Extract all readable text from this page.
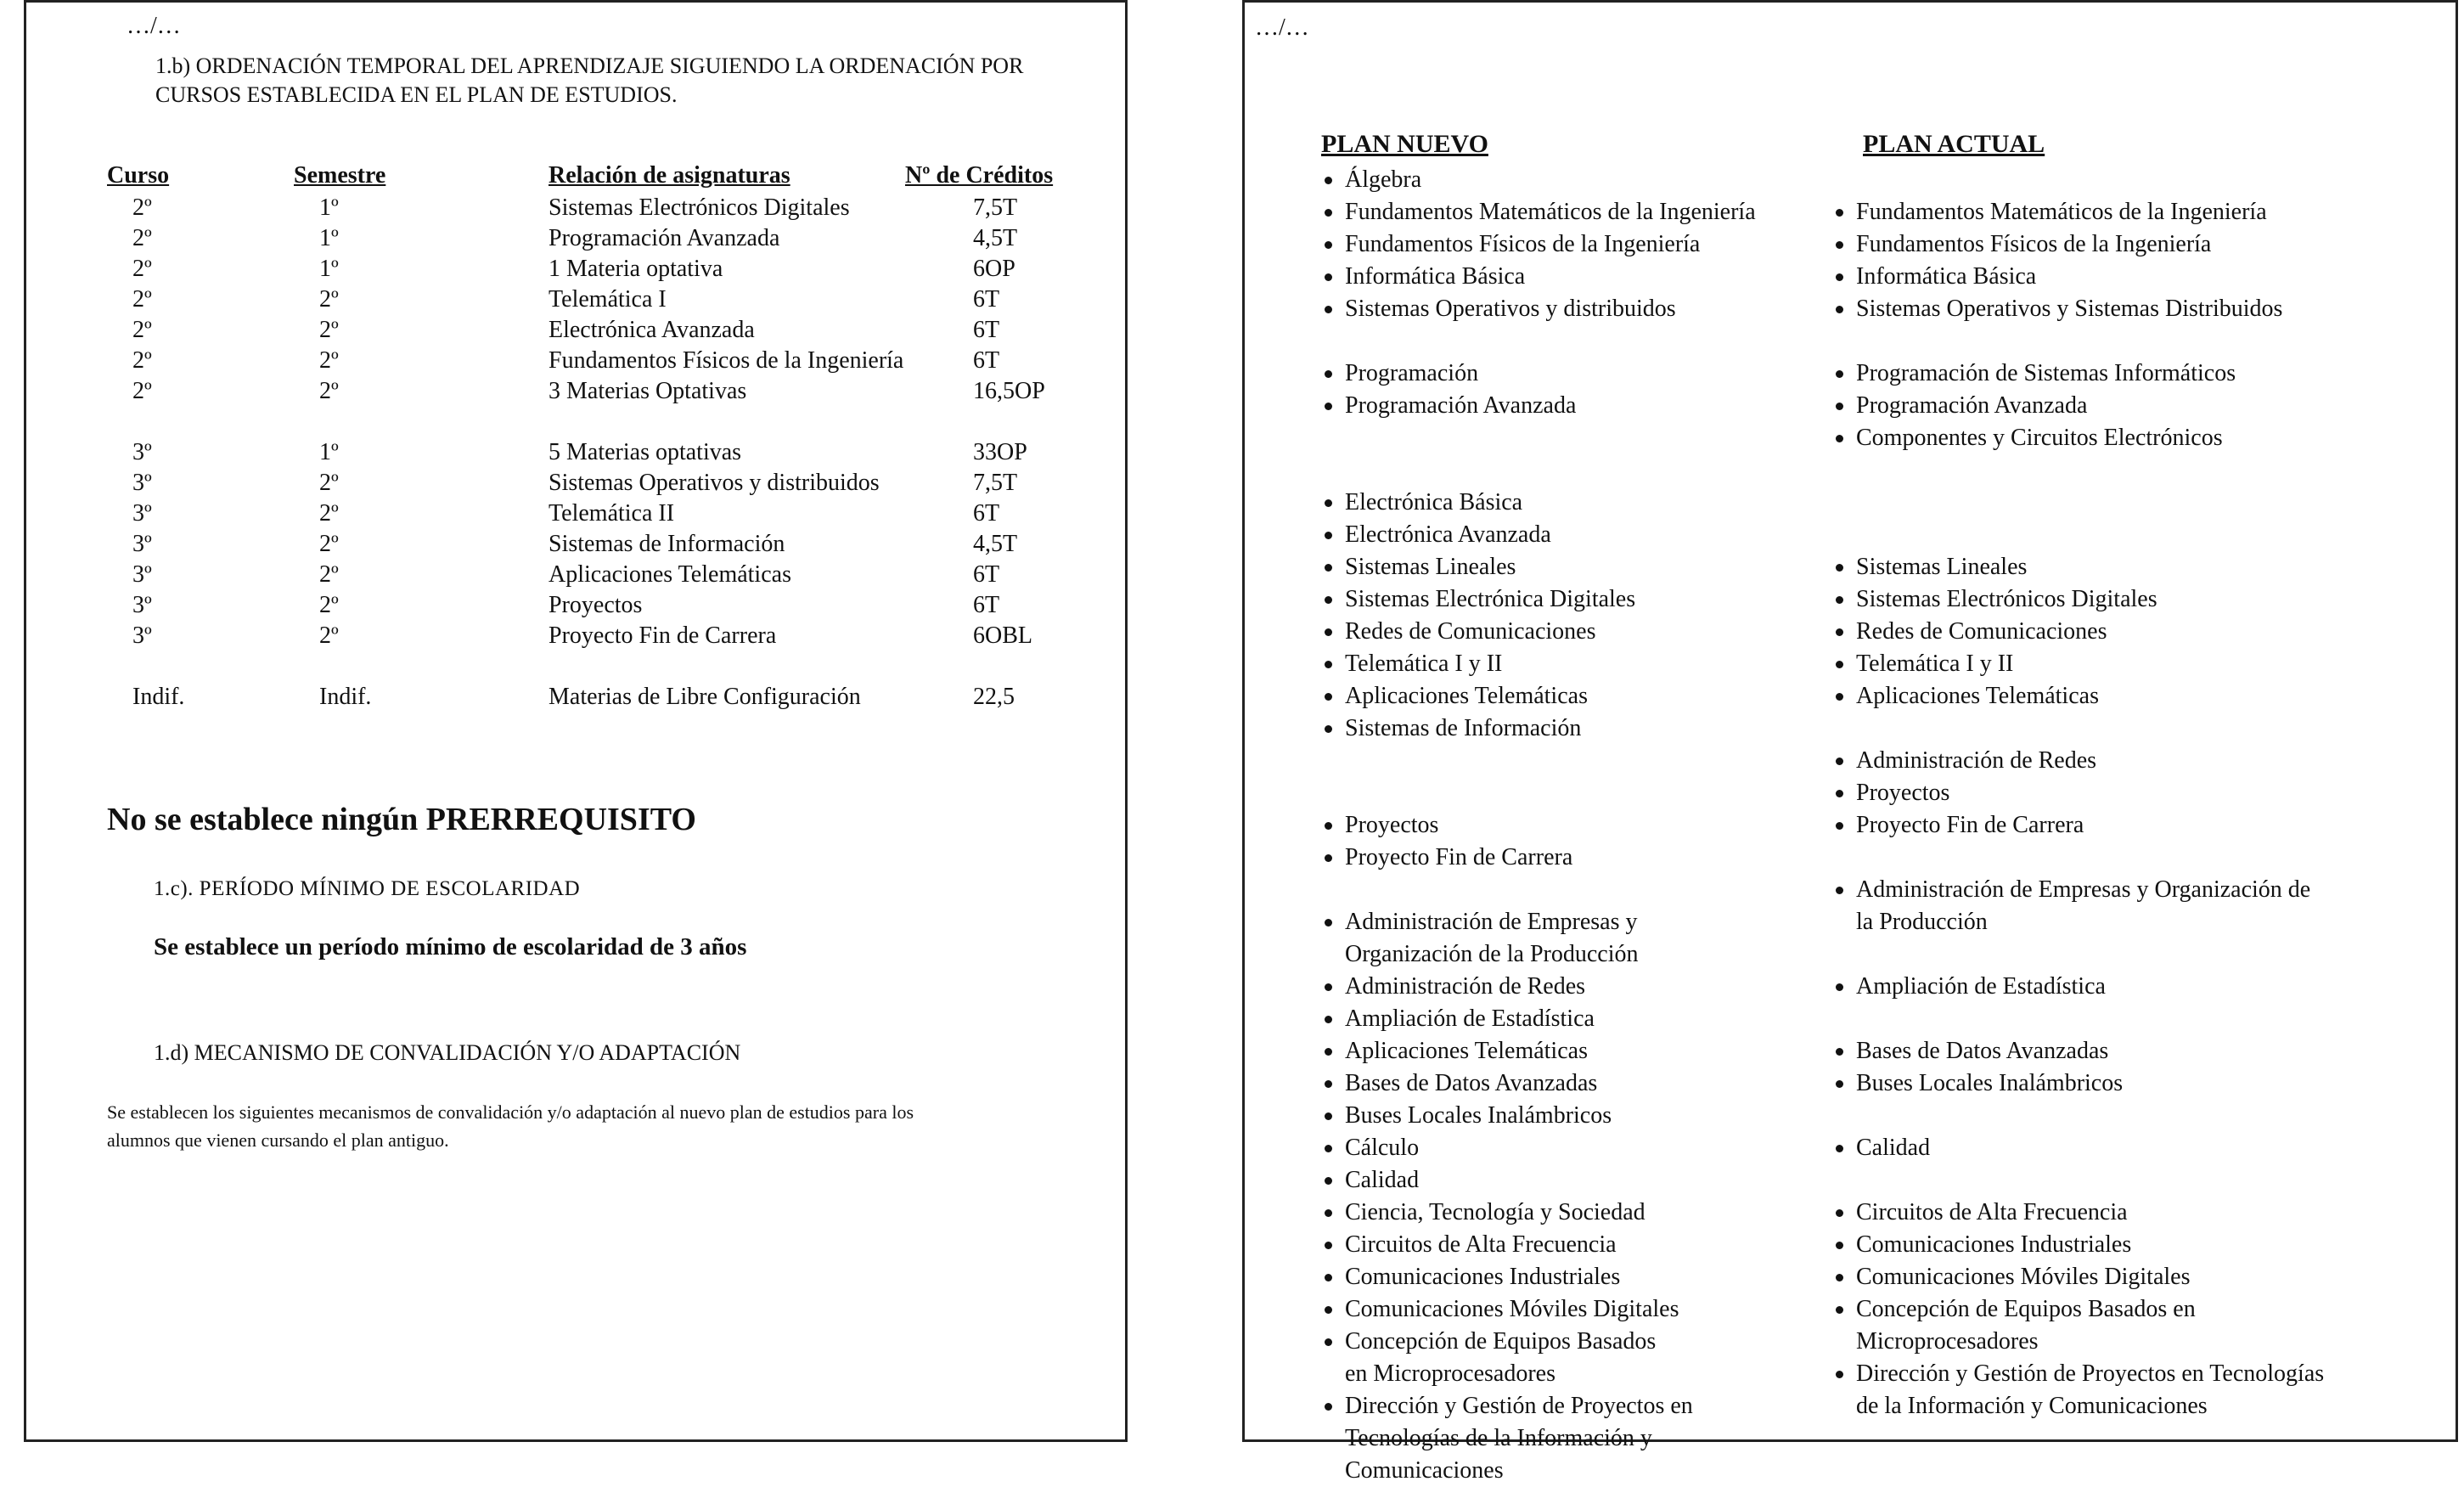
…/…
1.b) ORDENACIÓN TEMPORAL DEL APRENDIZAJE SIGUIENDO LA ORDENACIÓN POR
CURSOS ESTABLECIDA EN EL PLAN DE ESTUDIOS.
Curso	Semestre	Relación de asignaturas	Nº de Créditos
2º	1º	Sistemas Electrónicos Digitales	7,5T
2º	1º	Programación Avanzada	4,5T
2º	1º	1 Materia optativa	6OP
2º	2º	Telemática I	6T
2º	2º	Electrónica Avanzada	6T
2º	2º	Fundamentos Físicos de la Ingeniería	6T
2º	2º	3 Materias Optativas	16,5OP

3º	1º	5 Materias optativas	33OP
3º	2º	Sistemas Operativos y distribuidos	7,5T
3º	2º	Telemática II	6T
3º	2º	Sistemas de Información	4,5T
3º	2º	Aplicaciones Telemáticas	6T
3º	2º	Proyectos	6T
3º	2º	Proyecto Fin de Carrera	6OBL

Indif.	Indif.	Materias de Libre Configuración	22,5
No se establece ningún PRERREQUISITO
1.c). PERÍODO MÍNIMO DE ESCOLARIDAD
Se establece un período mínimo de escolaridad de 3 años
1.d) MECANISMO DE CONVALIDACIÓN Y/O ADAPTACIÓN
Se establecen los siguientes mecanismos de convalidación y/o adaptación al nuevo plan de estudios para los
alumnos que vienen cursando el plan antiguo.
…/…
PLAN NUEVO	PLAN ACTUAL
Álgebra
Fundamentos Matemáticos de la Ingeniería
Fundamentos Físicos de la Ingeniería
Informática Básica
Sistemas Operativos y distribuidos
Programación
Programación Avanzada
Electrónica Básica
Electrónica Avanzada
Sistemas Lineales
Sistemas Electrónica Digitales
Redes de Comunicaciones
Telemática I y II
Aplicaciones Telemáticas
Sistemas de Información
Proyectos
Proyecto Fin de Carrera
Administración de Empresas y
Organización de la Producción
Administración de Redes
Ampliación de Estadística
Aplicaciones Telemáticas
Bases de Datos Avanzadas
Buses Locales Inalámbricos
Cálculo
Calidad
Ciencia, Tecnología y Sociedad
Circuitos de Alta Frecuencia
Comunicaciones Industriales
Comunicaciones Móviles Digitales
Concepción de Equipos Basados
en Microprocesadores
Dirección y Gestión de Proyectos en
Tecnologías de la Información y
Comunicaciones
Fundamentos Matemáticos de la Ingeniería
Fundamentos Físicos de la Ingeniería
Informática Básica
Sistemas Operativos y Sistemas Distribuidos
Programación de Sistemas Informáticos
Programación Avanzada
Componentes y Circuitos Electrónicos
Sistemas Lineales
Sistemas Electrónicos Digitales
Redes de Comunicaciones
Telemática I y II
Aplicaciones Telemáticas
Administración de Redes
Proyectos
Proyecto Fin de Carrera
Administración de Empresas y Organización de
la Producción
Ampliación de Estadística
Bases de Datos Avanzadas
Buses Locales Inalámbricos
Calidad
Circuitos de Alta Frecuencia
Comunicaciones Industriales
Comunicaciones Móviles Digitales
Concepción de Equipos Basados en
Microprocesadores
Dirección y Gestión de Proyectos en Tecnologías
de la Información y Comunicaciones
